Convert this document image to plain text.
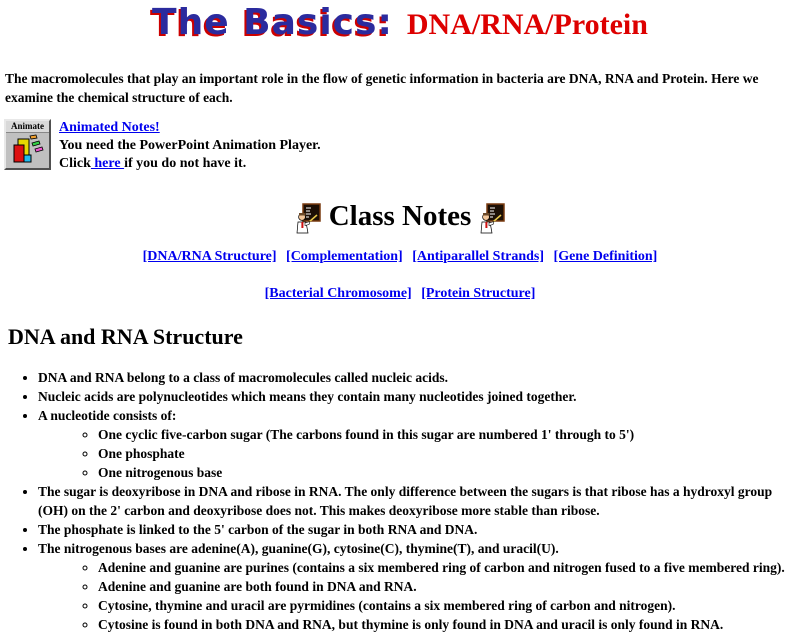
The Basics: DNA/RNA/Protein
The macromolecules that play an important role in the flow of genetic information in bacteria are DNA, RNA and Protein. Here we examine the chemical structure of each.
Animate	Animated Notes!
You need the PowerPoint Animation Player.
Click here if you do not have it.
Class Notes
[DNA/RNA Structure] [Complementation] [Antiparallel Strands] [Gene Definition]
[Bacterial Chromosome] [Protein Structure]
DNA and RNA Structure
• DNA and RNA belong to a class of macromolecules called nucleic acids.
• Nucleic acids are polynucleotides which means they contain many nucleotides joined together.
• A nucleotide consists of:
◦ One cyclic five-carbon sugar (The carbons found in this sugar are numbered 1' through to 5')
◦ One phosphate
◦ One nitrogenous base
• The sugar is deoxyribose in DNA and ribose in RNA. The only difference between the sugars is that ribose has a hydroxyl group (OH) on the 2' carbon and deoxyribose does not. This makes deoxyribose more stable than ribose.
• The phosphate is linked to the 5' carbon of the sugar in both RNA and DNA.
• The nitrogenous bases are adenine(A), guanine(G), cytosine(C), thymine(T), and uracil(U).
◦ Adenine and guanine are purines (contains a six membered ring of carbon and nitrogen fused to a five membered ring).
◦ Adenine and guanine are both found in DNA and RNA.
◦ Cytosine, thymine and uracil are pyrmidines (contains a six membered ring of carbon and nitrogen).
◦ Cytosine is found in both DNA and RNA, but thymine is only found in DNA and uracil is only found in RNA.
